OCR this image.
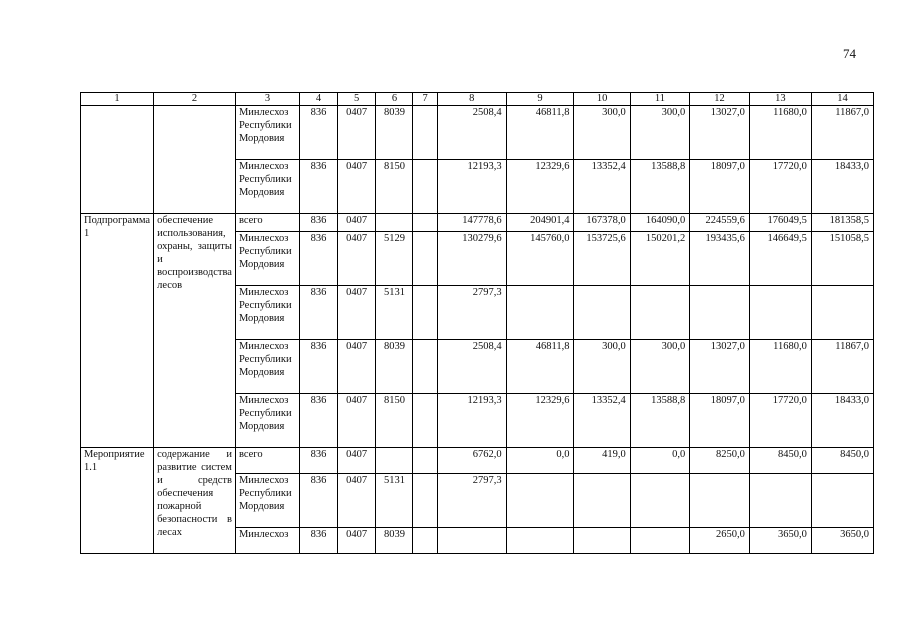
74
1	2	3	4	5	6	7	8	9	10	11	12	13	14
		Минлесхоз Республики Мордовия	836	0407	8039		2508,4	46811,8	300,0	300,0	13027,0	11680,0	11867,0
		Минлесхоз Республики Мордовия	836	0407	8150		12193,3	12329,6	13352,4	13588,8	18097,0	17720,0	18433,0
Подпрограмма 1	обеспечение использования, охраны, защиты и воспроизводства лесов	всего	836	0407			147778,6	204901,4	167378,0	164090,0	224559,6	176049,5	181358,5
		Минлесхоз Республики Мордовия	836	0407	5129		130279,6	145760,0	153725,6	150201,2	193435,6	146649,5	151058,5
		Минлесхоз Республики Мордовия	836	0407	5131		2797,3						
		Минлесхоз Республики Мордовия	836	0407	8039		2508,4	46811,8	300,0	300,0	13027,0	11680,0	11867,0
		Минлесхоз Республики Мордовия	836	0407	8150		12193,3	12329,6	13352,4	13588,8	18097,0	17720,0	18433,0
Мероприятие 1.1	содержание и развитие систем и средств обеспечения пожарной безопасности в лесах	всего	836	0407			6762,0	0,0	419,0	0,0	8250,0	8450,0	8450,0
		Минлесхоз Республики Мордовия	836	0407	5131		2797,3						
		Минлесхоз	836	0407	8039						2650,0	3650,0	3650,0
